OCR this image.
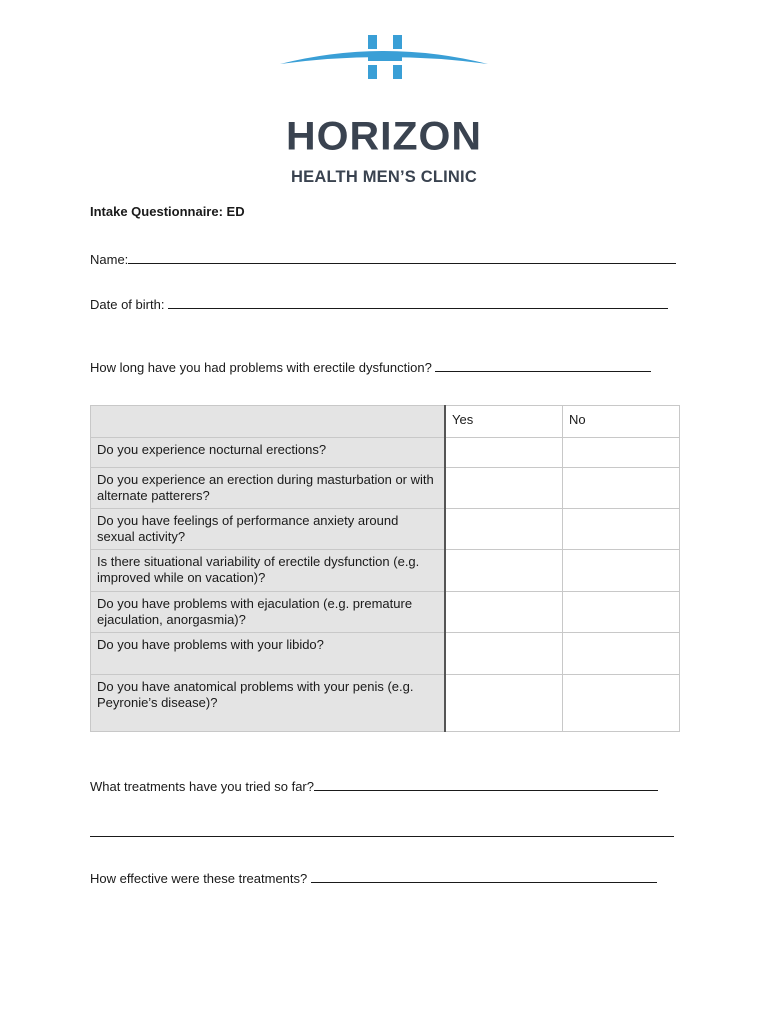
HORIZON
HEALTH MEN’S CLINIC
Intake Questionnaire: ED
Name:
Date of birth:
How long have you had problems with erectile dysfunction?
	Yes	No
Do you experience nocturnal erections?		
Do you experience an erection during masturbation or with alternate patterers?		
Do you have feelings of performance anxiety around sexual activity?		
Is there situational variability of erectile dysfunction (e.g. improved while on vacation)?		
Do you have problems with ejaculation (e.g. premature ejaculation, anorgasmia)?		
Do you have problems with your libido?		
Do you have anatomical problems with your penis (e.g. Peyronie’s disease)?		
What treatments have you tried so far?
How effective were these treatments?
